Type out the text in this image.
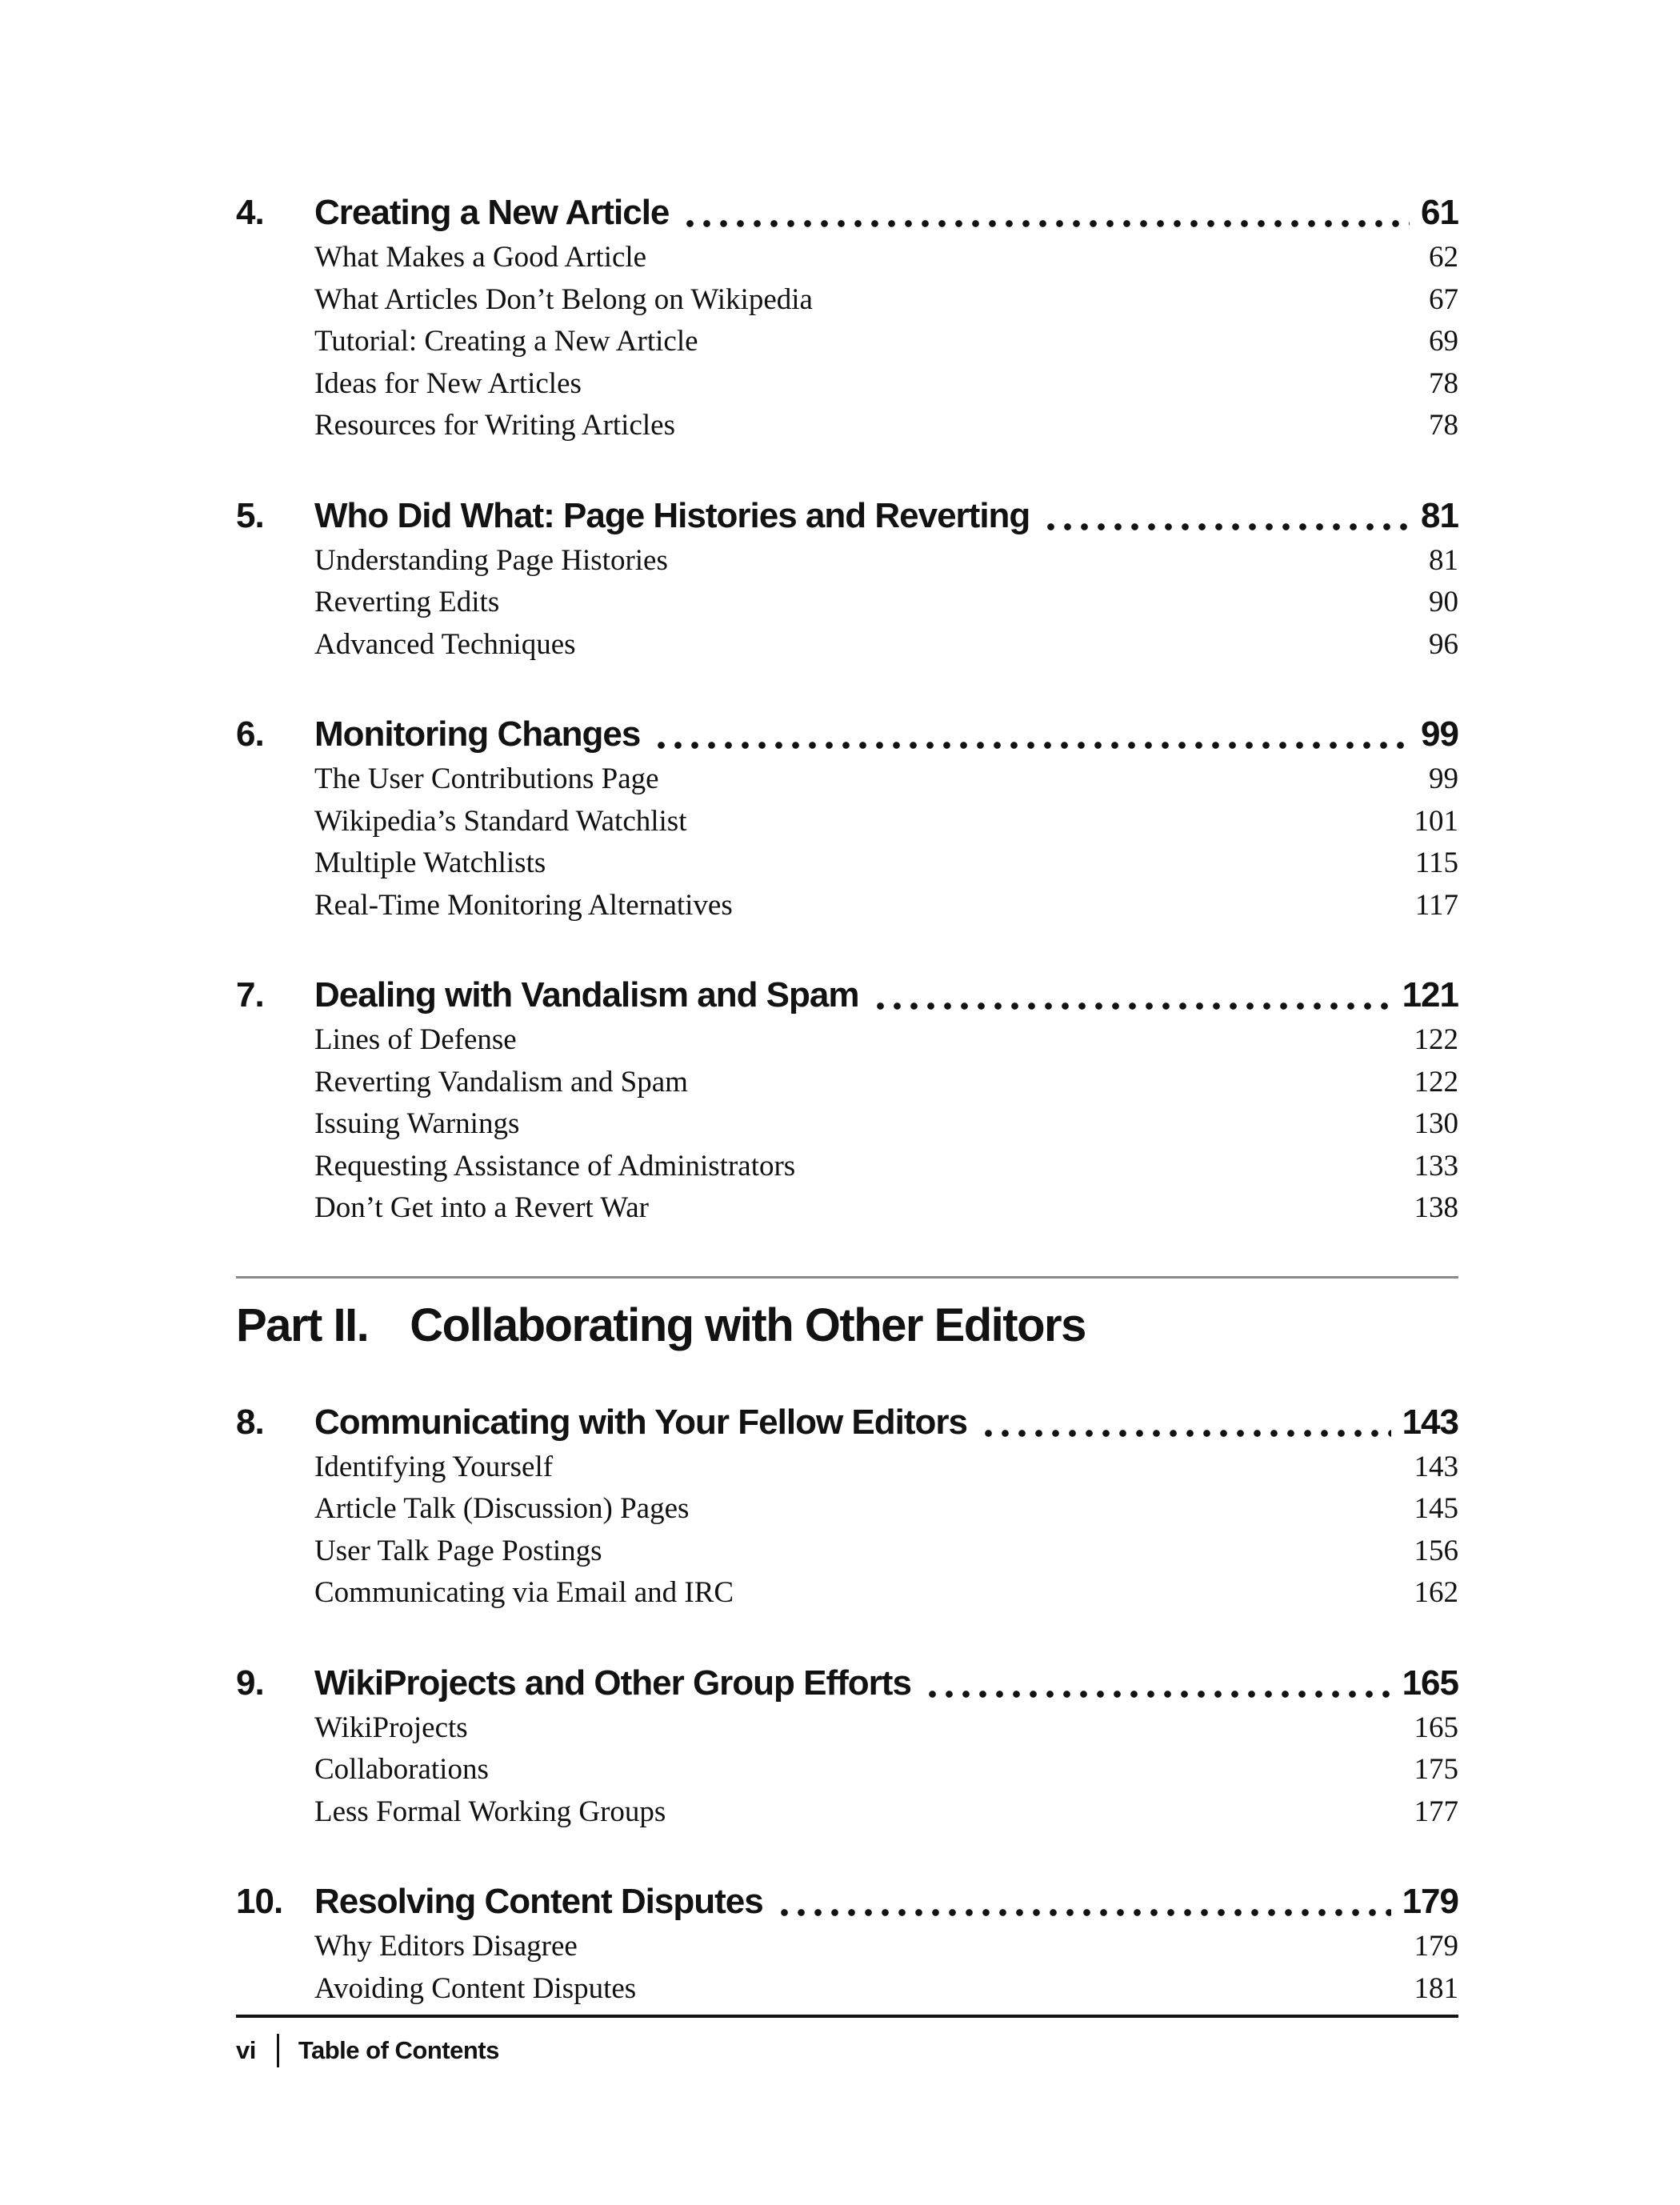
4.	Creating a New Article	61
What Makes a Good Article	62
What Articles Don’t Belong on Wikipedia	67
Tutorial: Creating a New Article	69
Ideas for New Articles	78
Resources for Writing Articles	78
5.	Who Did What: Page Histories and Reverting	81
Understanding Page Histories	81
Reverting Edits	90
Advanced Techniques	96
6.	Monitoring Changes	99
The User Contributions Page	99
Wikipedia’s Standard Watchlist	101
Multiple Watchlists	115
Real-Time Monitoring Alternatives	117
7.	Dealing with Vandalism and Spam	121
Lines of Defense	122
Reverting Vandalism and Spam	122
Issuing Warnings	130
Requesting Assistance of Administrators	133
Don’t Get into a Revert War	138
Part II. Collaborating with Other Editors
8.	Communicating with Your Fellow Editors	143
Identifying Yourself	143
Article Talk (Discussion) Pages	145
User Talk Page Postings	156
Communicating via Email and IRC	162
9.	WikiProjects and Other Group Efforts	165
WikiProjects	165
Collaborations	175
Less Formal Working Groups	177
10. Resolving Content Disputes	179
Why Editors Disagree	179
Avoiding Content Disputes	181
vi Table of Contents
